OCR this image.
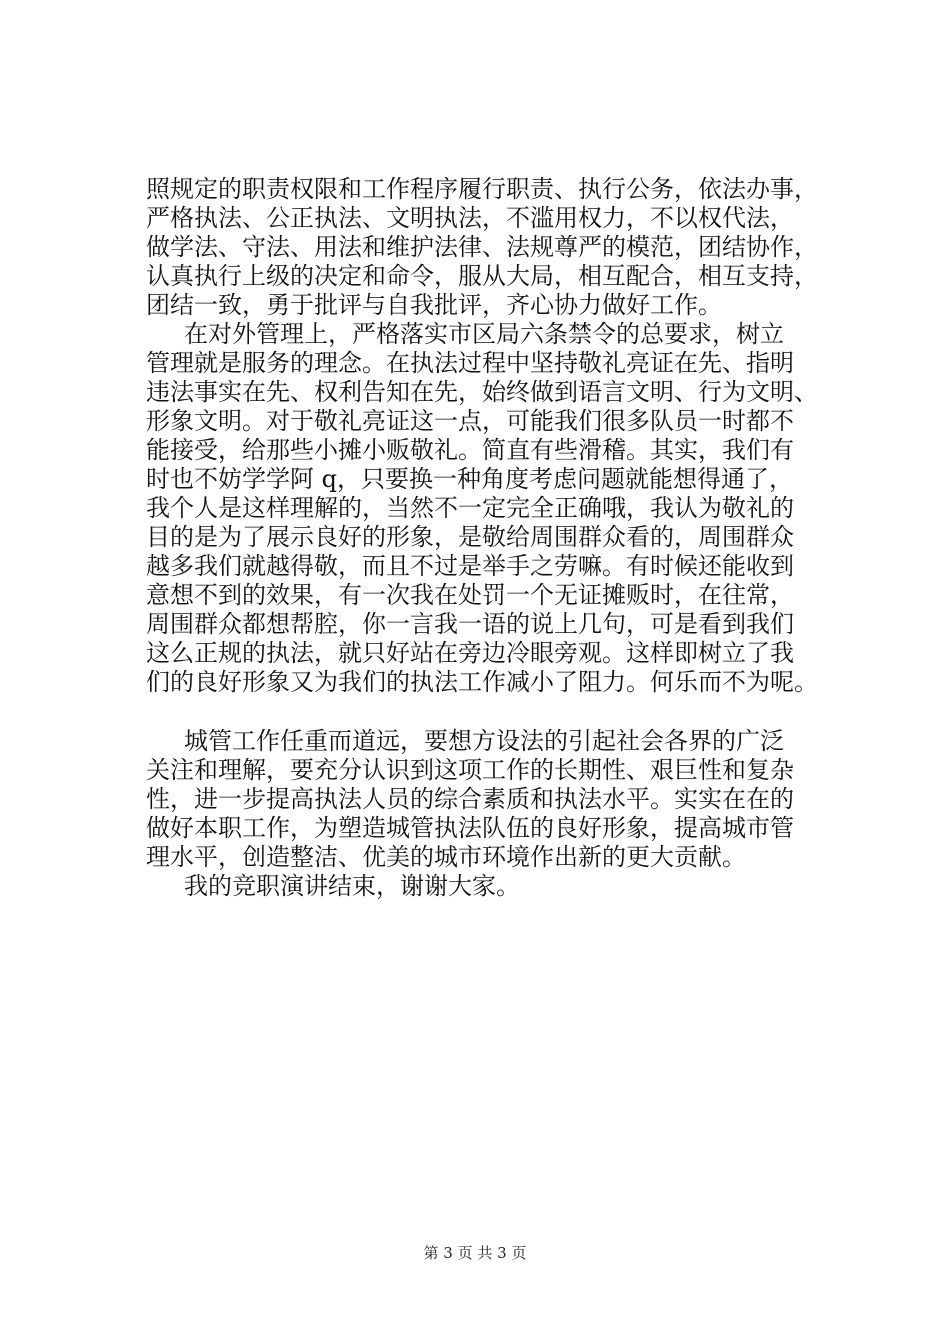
照规定的职责权限和工作程序履行职责、执行公务，依法办事，
严格执法、公正执法、文明执法，不滥用权力，不以权代法，
做学法、守法、用法和维护法律、法规尊严的模范，团结协作，
认真执行上级的决定和命令，服从大局，相互配合，相互支持，
团结一致，勇于批评与自我批评，齐心协力做好工作。
在对外管理上，严格落实市区局六条禁令的总要求，树立
管理就是服务的理念。在执法过程中坚持敬礼亮证在先、指明
违法事实在先、权利告知在先，始终做到语言文明、行为文明、
形象文明。对于敬礼亮证这一点，可能我们很多队员一时都不
能接受，给那些小摊小贩敬礼。简直有些滑稽。其实，我们有
时也不妨学学阿 q，只要换一种角度考虑问题就能想得通了，
我个人是这样理解的，当然不一定完全正确哦，我认为敬礼的
目的是为了展示良好的形象，是敬给周围群众看的，周围群众
越多我们就越得敬，而且不过是举手之劳嘛。有时候还能收到
意想不到的效果，有一次我在处罚一个无证摊贩时，在往常，
周围群众都想帮腔，你一言我一语的说上几句，可是看到我们
这么正规的执法，就只好站在旁边冷眼旁观。这样即树立了我
们的良好形象又为我们的执法工作减小了阻力。何乐而不为呢。
城管工作任重而道远，要想方设法的引起社会各界的广泛
关注和理解，要充分认识到这项工作的长期性、艰巨性和复杂
性，进一步提高执法人员的综合素质和执法水平。实实在在的
做好本职工作，为塑造城管执法队伍的良好形象，提高城市管
理水平，创造整洁、优美的城市环境作出新的更大贡献。
我的竞职演讲结束，谢谢大家。
第 3 页 共 3 页
